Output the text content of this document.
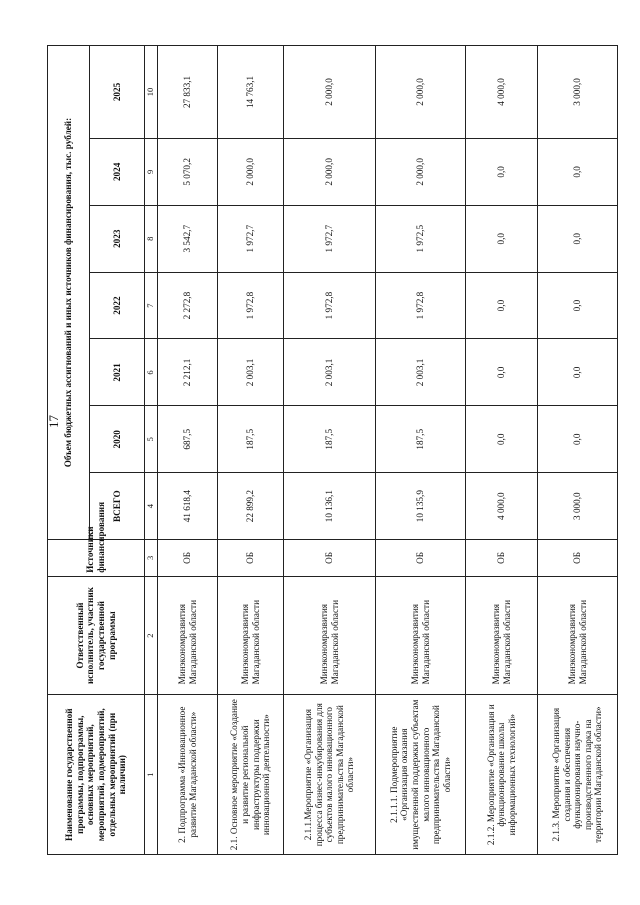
17
Наименование государственной программы, подпрограммы, основных мероприятий, мероприятий, подмероприятий, отдельных мероприятий (при наличии)	Ответственный исполнитель, участник государственной программы	Источники финансирования	Объем бюджетных ассигнований и иных источников финансирования, тыс. рублей:						
			ВСЕГО	2020	2021	2022	2023	2024	2025
1	2	3	4	5	6	7	8	9	10
2. Подпрограмма «Инновационное развитие Магаданской области»	Минэкономразвития Магаданской области	ОБ	41 618,4	687,5	2 212,1	2 272,8	3 542,7	5 070,2	27 833,1
2.1. Основное мероприятие «Создание и развитие региональной инфраструктуры поддержки инновационной деятельности»	Минэкономразвития Магаданской области	ОБ	22 899,2	187,5	2 003,1	1 972,8	1 972,7	2 000,0	14 763,1
2.1.1.Мероприятие «Организация процесса бизнес-инкубирования для субъектов малого инновационного предпринимательства Магаданской области»	Минэкономразвития Магаданской области	ОБ	10 136,1	187,5	2 003,1	1 972,8	1 972,7	2 000,0	2 000,0
2.1.1.1. Подмероприятие «Организация оказания имущественной поддержки субъектам малого инновационного предпринимательства Магаданской области»	Минэкономразвития Магаданской области	ОБ	10 135,9	187,5	2 003,1	1 972,8	1 972,5	2 000,0	2 000,0
2.1.2. Мероприятие «Организация и функционирование школы информационных технологий»	Минэкономразвития Магаданской области	ОБ	4 000,0	0,0	0,0	0,0	0,0	0,0	4 000,0
2.1.3. Мероприятие «Организация создания и обеспечения функционирования научно-производственного парка на территории Магаданской области»	Минэкономразвития Магаданской области	ОБ	3 000,0	0,0	0,0	0,0	0,0	0,0	3 000,0
